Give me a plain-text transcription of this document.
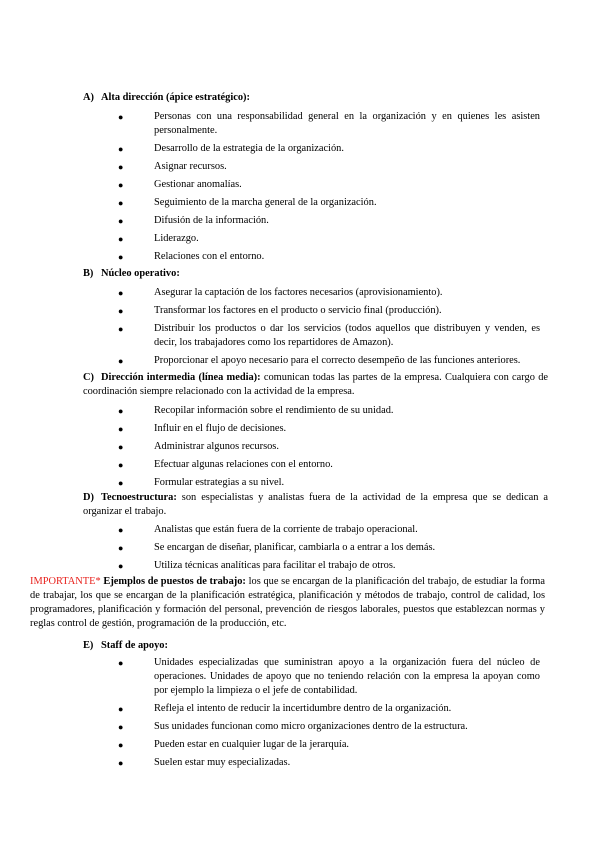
A) Alta dirección (ápice estratégico):
●	Personas con una responsabilidad general en la organización y en quienes les asisten personalmente.
●	Desarrollo de la estrategia de la organización.
●	Asignar recursos.
●	Gestionar anomalías.
●	Seguimiento de la marcha general de la organización.
●	Difusión de la información.
●	Liderazgo.
●	Relaciones con el entorno.
B) Núcleo operativo:
●	Asegurar la captación de los factores necesarios (aprovisionamiento).
●	Transformar los factores en el producto o servicio final (producción).
●	Distribuir los productos o dar los servicios (todos aquellos que distribuyen y venden, es decir, los trabajadores como los repartidores de Amazon).
●	Proporcionar el apoyo necesario para el correcto desempeño de las funciones anteriores.
C) Dirección intermedia (línea media): comunican todas las partes de la empresa. Cualquiera con cargo de coordinación siempre relacionado con la actividad de la empresa.
●	Recopilar información sobre el rendimiento de su unidad.
●	Influir en el flujo de decisiones.
●	Administrar algunos recursos.
●	Efectuar algunas relaciones con el entorno.
●	Formular estrategias a su nivel.
D) Tecnoestructura: son especialistas y analistas fuera de la actividad de la empresa que se dedican a organizar el trabajo.
●	Analistas que están fuera de la corriente de trabajo operacional.
●	Se encargan de diseñar, planificar, cambiarla o a entrar a los demás.
●	Utiliza técnicas analíticas para facilitar el trabajo de otros.
IMPORTANTE* Ejemplos de puestos de trabajo: los que se encargan de la planificación del trabajo, de estudiar la forma de trabajar, los que se encargan de la planificación estratégica, planificación y métodos de trabajo, control de calidad, los programadores, planificación y formación del personal, prevención de riesgos laborales, puestos que establezcan normas y reglas control de gestión, programación de la producción, etc.
E) Staff de apoyo:
●	Unidades especializadas que suministran apoyo a la organización fuera del núcleo de operaciones. Unidades de apoyo que no teniendo relación con la empresa la apoyan como por ejemplo la limpieza o el jefe de contabilidad.
●	Refleja el intento de reducir la incertidumbre dentro de la organización.
●	Sus unidades funcionan como micro organizaciones dentro de la estructura.
●	Pueden estar en cualquier lugar de la jerarquía.
●	Suelen estar muy especializadas.
